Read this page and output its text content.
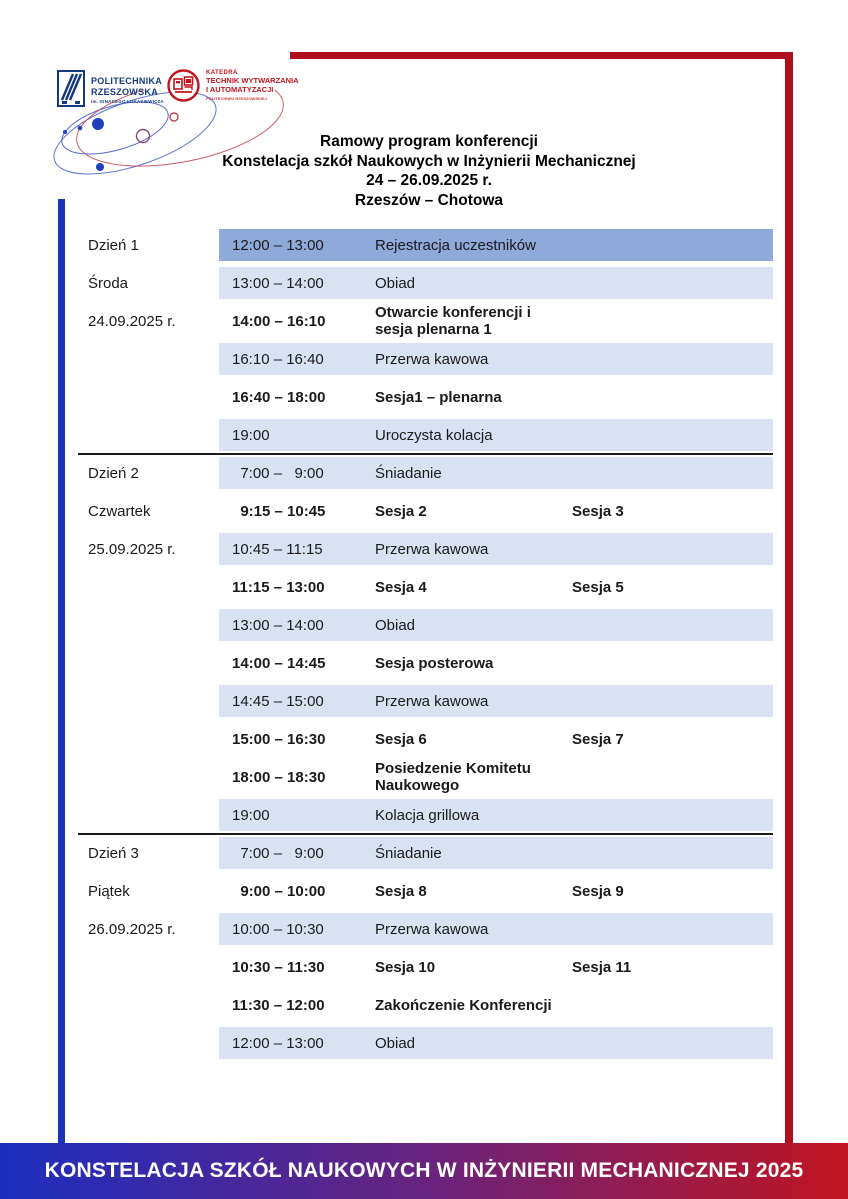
POLITECHNIKA
RZESZOWSKA
im. IGNACEGO ŁUKASIEWICZA
KATEDRA
TECHNIK WYTWARZANIA
I AUTOMATYZACJI
POLITECHNIKI RZESZOWSKIEJ
Ramowy program konferencji
Konstelacja szkół Naukowych w Inżynierii Mechanicznej
24 – 26.09.2025 r.
Rzeszów – Chotowa
Dzień 1
Środa
24.09.2025 r.
12:00 – 13:00	Rejestracja uczestników
13:00 – 14:00	Obiad
14:00 – 16:10	Otwarcie konferencji i sesja plenarna 1
16:10 – 16:40	Przerwa kawowa
16:40 – 18:00	Sesja1 – plenarna
19:00	Uroczysta kolacja
Dzień 2
Czwartek
25.09.2025 r.
7:00 –   9:00	Śniadanie
9:15 – 10:45	Sesja 2	Sesja 3
10:45 – 11:15	Przerwa kawowa
11:15 – 13:00	Sesja 4	Sesja 5
13:00 – 14:00	Obiad
14:00 – 14:45	Sesja posterowa
14:45 – 15:00	Przerwa kawowa
15:00 – 16:30	Sesja 6	Sesja 7
18:00 – 18:30	Posiedzenie Komitetu Naukowego
19:00	Kolacja grillowa
Dzień 3
Piątek
26.09.2025 r.
7:00 –   9:00	Śniadanie
9:00 – 10:00	Sesja 8	Sesja 9
10:00 – 10:30	Przerwa kawowa
10:30 – 11:30	Sesja 10	Sesja 11
11:30 – 12:00	Zakończenie Konferencji
12:00 – 13:00	Obiad
KONSTELACJA SZKÓŁ NAUKOWYCH W INŻYNIERII MECHANICZNEJ 2025
